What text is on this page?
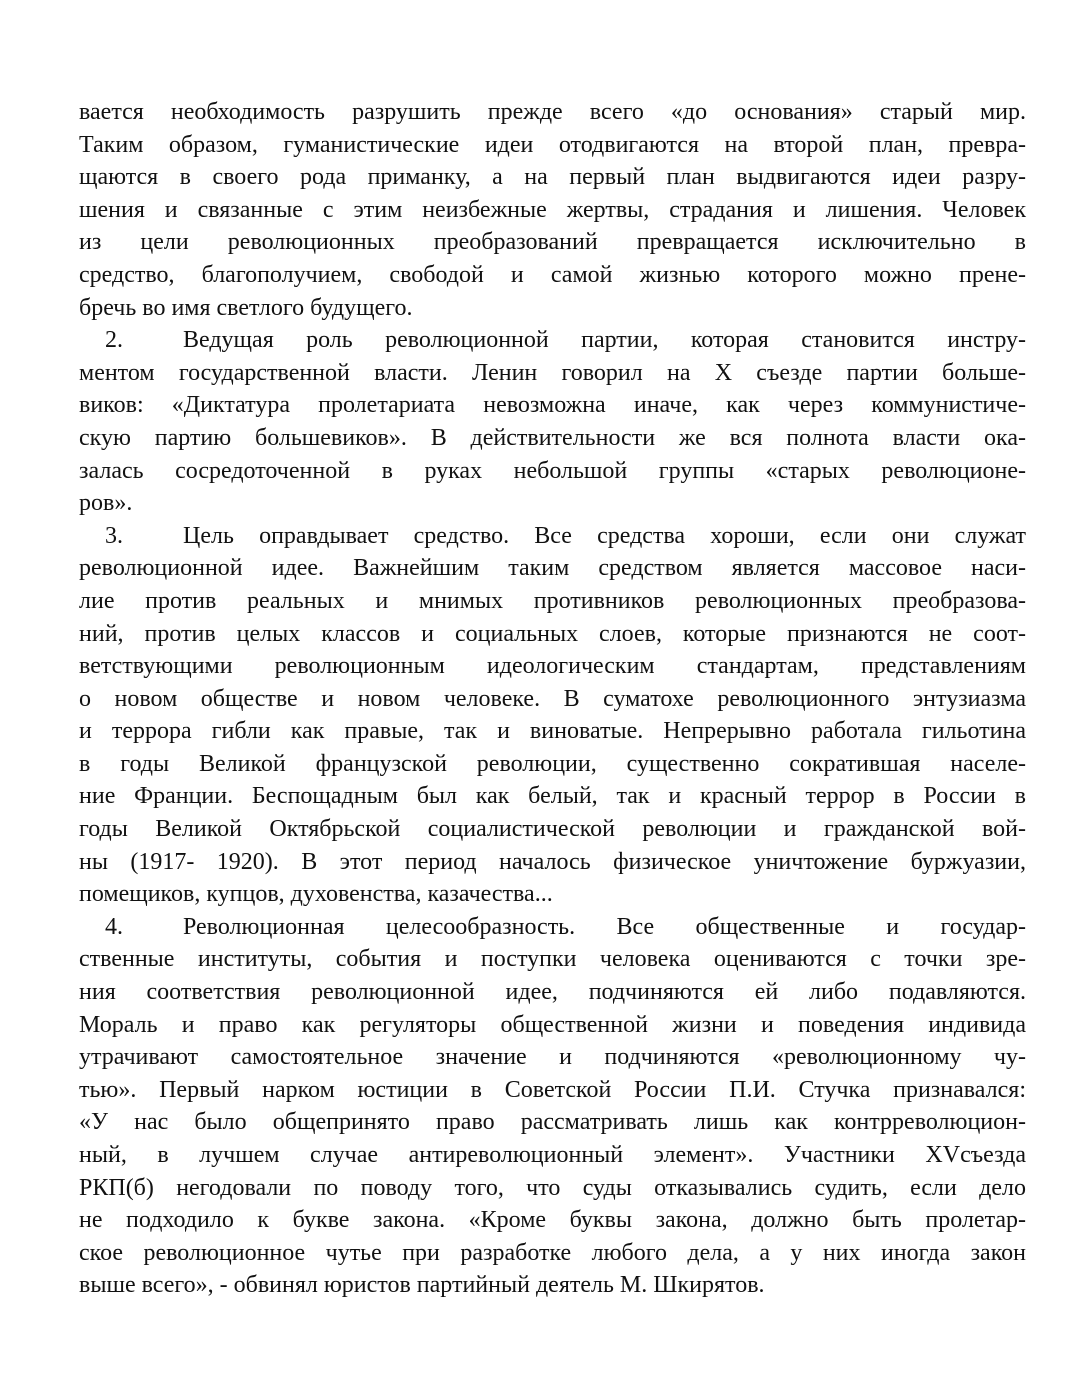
вается необходимость разрушить прежде всего «до основания» старый мир.
Таким образом, гуманистические идеи отодвигаются на второй план, превра-
щаются в своего рода приманку, а на первый план выдвигаются идеи разру-
шения и связанные с этим неизбежные жертвы, страдания и лишения. Человек
из цели революционных преобразований превращается исключительно в
средство, благополучием, свободой и самой жизнью которого можно прене-
бречь во имя светлого будущего.
2.	Ведущая роль революционной партии, которая становится инстру-
ментом государственной власти. Ленин говорил на X съезде партии больше-
виков: «Диктатура пролетариата невозможна иначе, как через коммунистиче-
скую партию большевиков». В действительности же вся полнота власти ока-
залась сосредоточенной в руках небольшой группы «старых революционе-
ров».
3.	Цель оправдывает средство. Все средства хороши, если они служат
революционной идее. Важнейшим таким средством является массовое наси-
лие против реальных и мнимых противников революционных преобразова-
ний, против целых классов и социальных слоев, которые признаются не соот-
ветствующими революционным идеологическим стандартам, представлениям
о новом обществе и новом человеке. В суматохе революционного энтузиазма
и террора гибли как правые, так и виноватые. Непрерывно работала гильотина
в годы Великой французской революции, существенно сократившая населе-
ние Франции. Беспощадным был как белый, так и красный террор в России в
годы Великой Октябрьской социалистической революции и гражданской вой-
ны (1917- 1920). В этот период началось физическое уничтожение буржуазии,
помещиков, купцов, духовенства, казачества...
4.	Революционная целесообразность. Все общественные и государ-
ственные институты, события и поступки человека оцениваются с точки зре-
ния соответствия революционной идее, подчиняются ей либо подавляются.
Мораль и право как регуляторы общественной жизни и поведения индивида
утрачивают самостоятельное значение и подчиняются «революционному чу-
тью». Первый нарком юстиции в Советской России П.И. Стучка признавался:
«У нас было общепринято право рассматривать лишь как контрреволюцион-
ный, в лучшем случае антиреволюционный элемент». Участники XVсъезда
РКП(б) негодовали по поводу того, что суды отказывались судить, если дело
не подходило к букве закона. «Кроме буквы закона, должно быть пролетар-
ское революционное чутье при разработке любого дела, а у них иногда закон
выше всего», - обвинял юристов партийный деятель М. Шкирятов.
